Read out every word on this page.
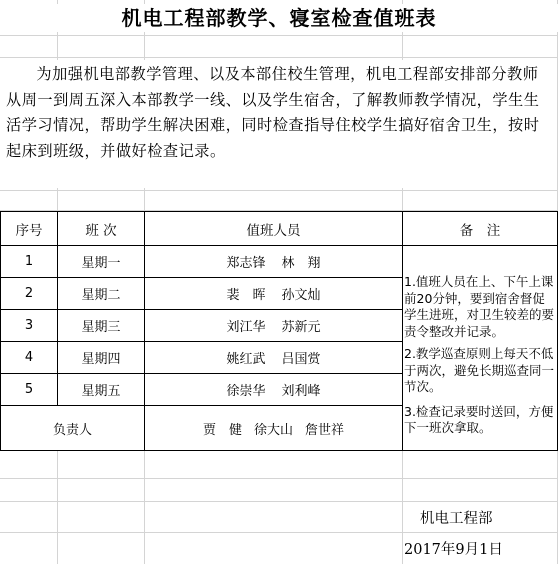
机电工程部教学、寝室检查值班表
为加强机电部教学管理、以及本部住校生管理，机电工程部安排部分教师从周一到周五深入本部教学一线、以及学生宿舍，了解教师教学情况，学生生活学习情况，帮助学生解决困难，同时检查指导住校学生搞好宿舍卫生，按时起床到班级，并做好检查记录。
序号	班 次	值班人员	备　注
1	星期一	郑志锋 林　翔	1.值班人员在上、下午上课前20分钟，要到宿舍督促学生进班，对卫生较差的要责令整改并记录。
2.教学巡查原则上每天不低于两次，避免长期巡查同一节次。
3.检查记录要时送回，方便下一班次拿取。

2	星期二	裴　晖 孙文灿	
3	星期三	刘江华 苏新元	
4	星期四	姚红武 吕国赏	
5	星期五	徐崇华 刘利峰	
负责人		贾　健 徐大山 詹世祥	
机电工程部
2017年9月1日
